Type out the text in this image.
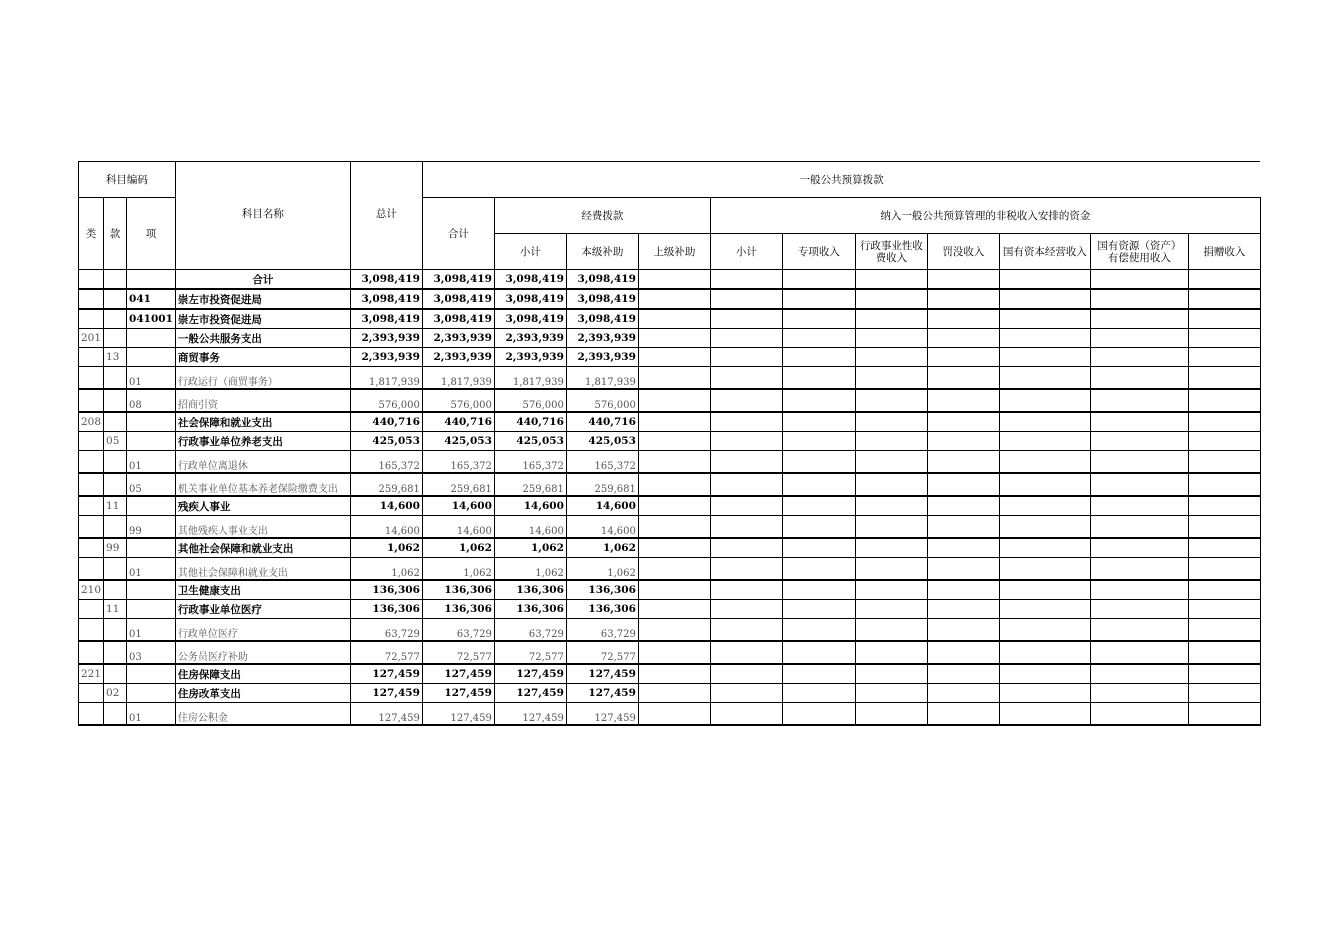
科目编码			科目名称	总计	一般公共预算拨款										
类	款	项			合计	经费拨款			纳入一般公共预算管理的非税收入安排的资金						
						小计	本级补助	上级补助	小计	专项收入	行政事业性收费收入	罚没收入	国有资本经营收入	国有资源（资产）有偿使用收入	捐赠收入
			合计	3,098,419	3,098,419	3,098,419	3,098,419								
		041	崇左市投资促进局	3,098,419	3,098,419	3,098,419	3,098,419								
		041001	崇左市投资促进局	3,098,419	3,098,419	3,098,419	3,098,419								
201			一般公共服务支出	2,393,939	2,393,939	2,393,939	2,393,939								
	13		商贸事务	2,393,939	2,393,939	2,393,939	2,393,939								
		01	行政运行（商贸事务）	1,817,939	1,817,939	1,817,939	1,817,939								
		08	招商引资	576,000	576,000	576,000	576,000								
208			社会保障和就业支出	440,716	440,716	440,716	440,716								
	05		行政事业单位养老支出	425,053	425,053	425,053	425,053								
		01	行政单位离退休	165,372	165,372	165,372	165,372								
		05	机关事业单位基本养老保险缴费支出	259,681	259,681	259,681	259,681								
	11		残疾人事业	14,600	14,600	14,600	14,600								
		99	其他残疾人事业支出	14,600	14,600	14,600	14,600								
	99		其他社会保障和就业支出	1,062	1,062	1,062	1,062								
		01	其他社会保障和就业支出	1,062	1,062	1,062	1,062								
210			卫生健康支出	136,306	136,306	136,306	136,306								
	11		行政事业单位医疗	136,306	136,306	136,306	136,306								
		01	行政单位医疗	63,729	63,729	63,729	63,729								
		03	公务员医疗补助	72,577	72,577	72,577	72,577								
221			住房保障支出	127,459	127,459	127,459	127,459								
	02		住房改革支出	127,459	127,459	127,459	127,459								
		01	住房公积金	127,459	127,459	127,459	127,459								
